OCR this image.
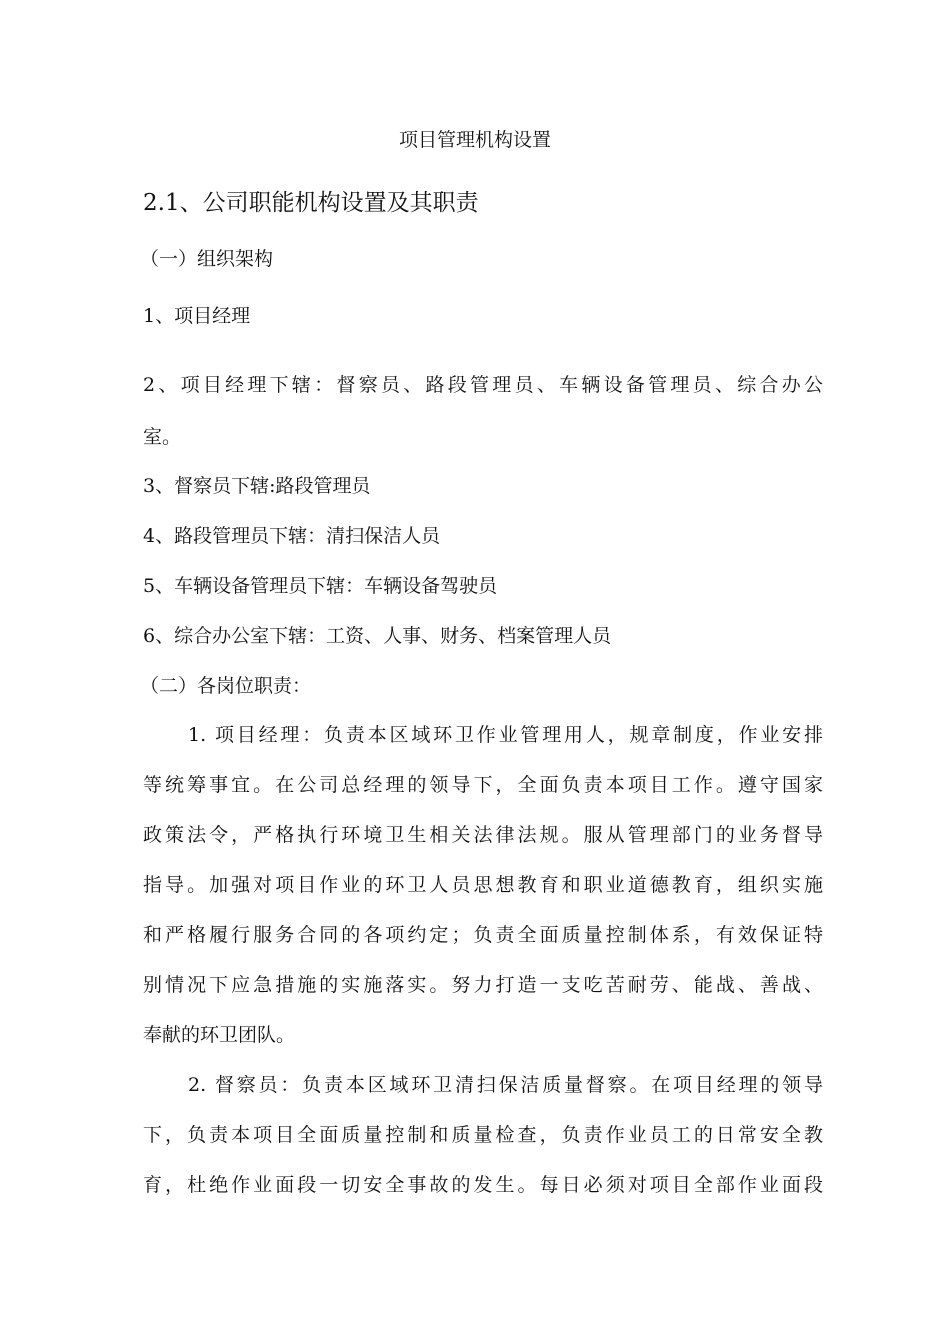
项目管理机构设置
2.1、公司职能机构设置及其职责
（一）组织架构
1、项目经理
2、项目经理下辖：督察员、路段管理员、车辆设备管理员、综合办公
室。
3、督察员下辖:路段管理员
4、路段管理员下辖：清扫保洁人员
5、车辆设备管理员下辖：车辆设备驾驶员
6、综合办公室下辖：工资、人事、财务、档案管理人员
（二）各岗位职责：
1. 项目经理：负责本区域环卫作业管理用人，规章制度，作业安排
等统筹事宜。在公司总经理的领导下，全面负责本项目工作。遵守国家
政策法令，严格执行环境卫生相关法律法规。服从管理部门的业务督导
指导。加强对项目作业的环卫人员思想教育和职业道德教育，组织实施
和严格履行服务合同的各项约定；负责全面质量控制体系，有效保证特
别情况下应急措施的实施落实。努力打造一支吃苦耐劳、能战、善战、
奉献的环卫团队。
2. 督察员：负责本区域环卫清扫保洁质量督察。在项目经理的领导
下，负责本项目全面质量控制和质量检查，负责作业员工的日常安全教
育，杜绝作业面段一切安全事故的发生。每日必须对项目全部作业面段
